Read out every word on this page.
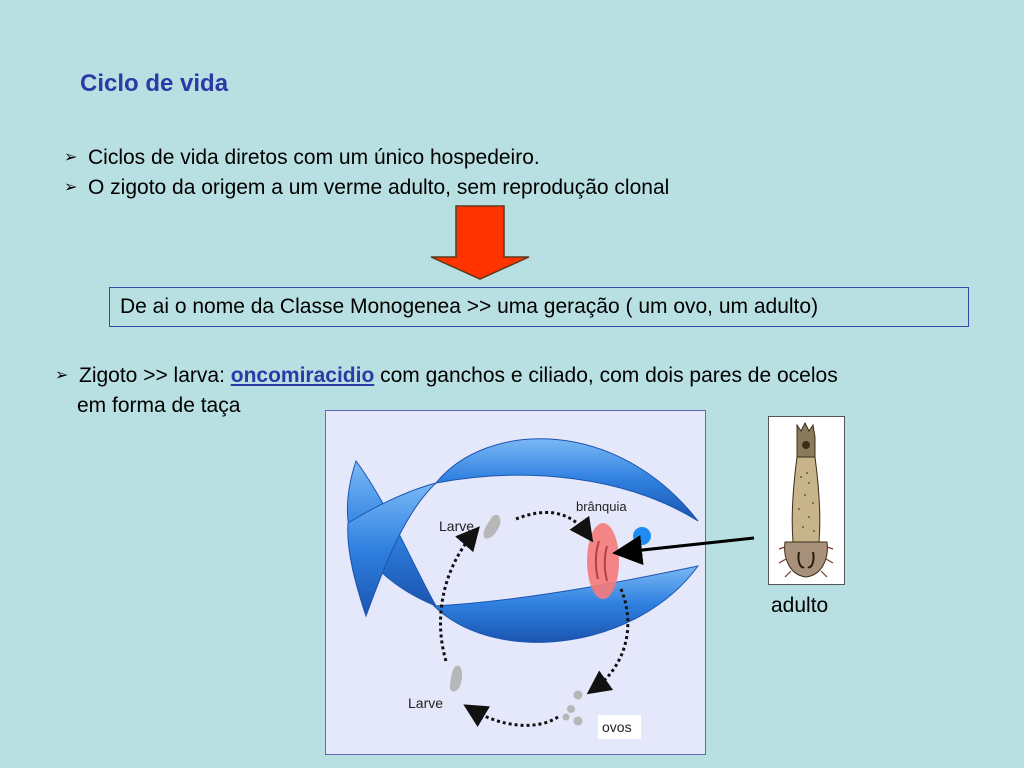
Ciclo de vida
➢ Ciclos de vida diretos com um único hospedeiro.
➢ O zigoto da origem a um verme adulto, sem reprodução clonal
De ai o nome da Classe Monogenea >> uma geração ( um ovo, um adulto)
➢ Zigoto >> larva: oncomiracidio com ganchos e ciliado, com dois pares de ocelos
em forma de taça
Larve
Larve
brânquia
ovos
adulto
